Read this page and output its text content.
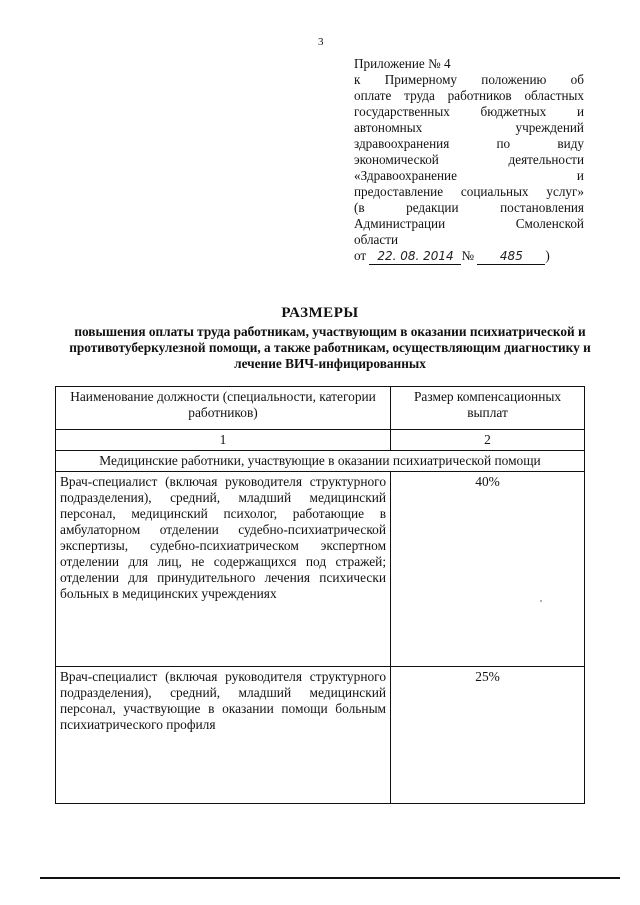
3
Приложение № 4
к Примерному положению об
оплате труда работников областных
государственных бюджетных и
автономных учреждений
здравоохранения по виду
экономической деятельности
«Здравоохранение и
предоставление социальных услуг»
(в редакции постановления
Администрации Смоленской
области
от 22. 08. 2014 № 485 )
РАЗМЕРЫ
повышения оплаты труда работникам, участвующим в оказании психиатрической и противотуберкулезной помощи, а также работникам, осуществляющим диагностику и лечение ВИЧ-инфицированных
Наименование должности (специальности, категории работников)	Размер компенсационных выплат
1	2
Медицинские работники, участвующие в оказании психиатрической помощи	
Врач-специалист (включая руководителя структурного подразделения), средний, младший медицинский персонал, медицинский психолог, работающие в амбулаторном отделении судебно-психиатрической экспертизы, судебно-психиатрическом экспертном отделении для лиц, не содержащихся под стражей; отделении для принудительного лечения психически больных в медицинских учреждениях	40%
Врач-специалист (включая руководителя структурного подразделения), средний, младший медицинский персонал, участвующие в оказании помощи больным психиатрического профиля	25%
